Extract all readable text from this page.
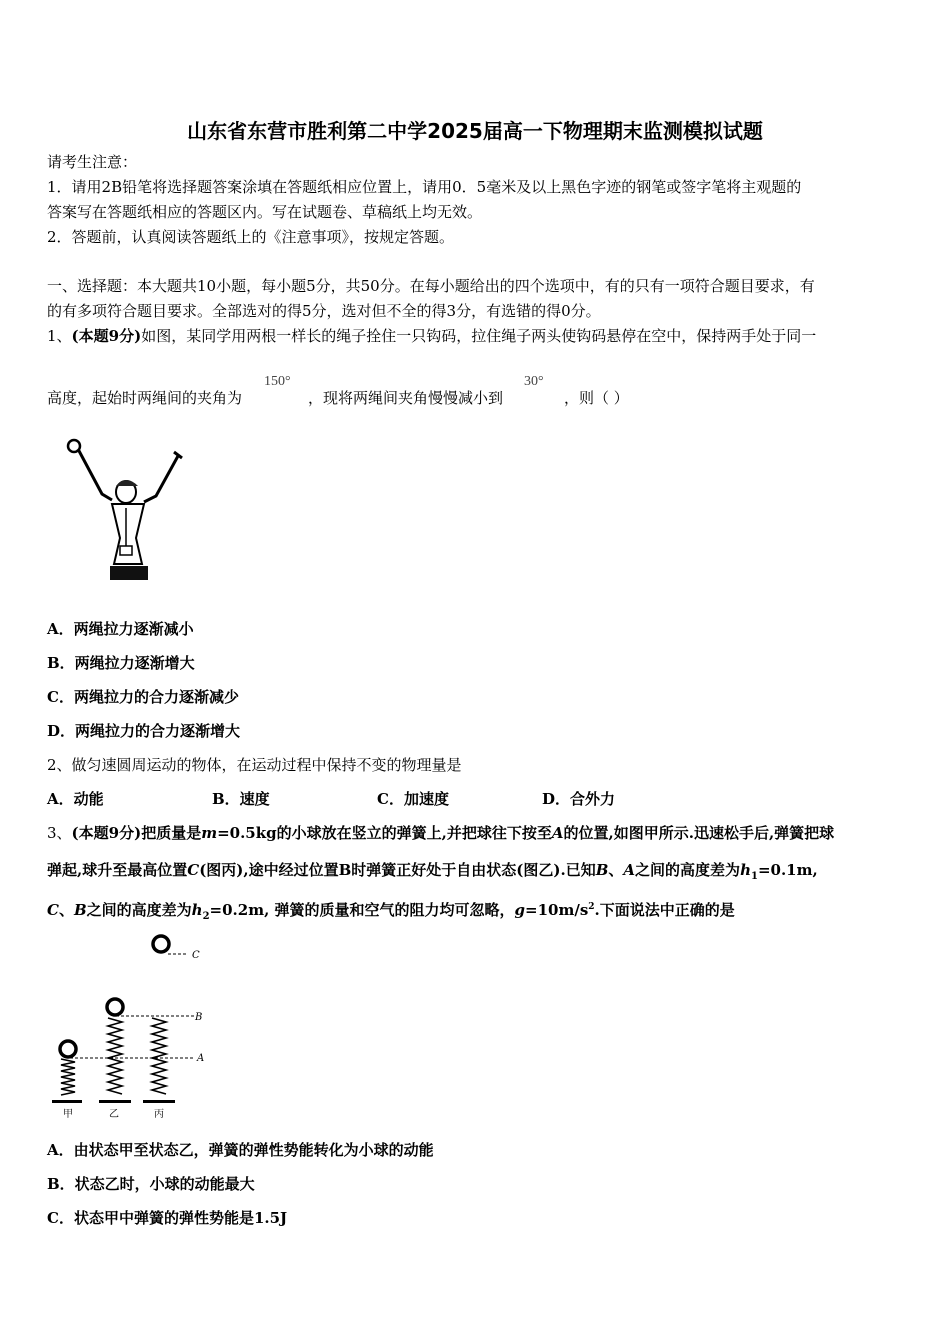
山东省东营市胜利第二中学2025届高一下物理期末监测模拟试题
请考生注意：
1．请用2B铅笔将选择题答案涂填在答题纸相应位置上，请用0．5毫米及以上黑色字迹的钢笔或签字笔将主观题的
答案写在答题纸相应的答题区内。写在试题卷、草稿纸上均无效。
2．答题前，认真阅读答题纸上的《注意事项》，按规定答题。
一、选择题：本大题共10小题，每小题5分，共50分。在每小题给出的四个选项中，有的只有一项符合题目要求，有
的有多项符合题目要求。全部选对的得5分，选对但不全的得3分，有选错的得0分。
1、(本题9分)如图，某同学用两根一样长的绳子拴住一只钩码，拉住绳子两头使钩码悬停在空中，保持两手处于同一
高度，起始时两绳间的夹角为
150°
，现将两绳间夹角慢慢减小到
30°
，则（ ）
A．两绳拉力逐渐减小
B．两绳拉力逐渐增大
C．两绳拉力的合力逐渐减少
D．两绳拉力的合力逐渐增大
2、做匀速圆周运动的物体，在运动过程中保持不变的物理量是
A．动能	B．速度	C．加速度	D．合外力
3、(本题9分)把质量是m=0.5kg的小球放在竖立的弹簧上,并把球往下按至A的位置,如图甲所示.迅速松手后,弹簧把球
弹起,球升至最高位置C(图丙),途中经过位置B时弹簧正好处于自由状态(图乙).已知B、A之间的高度差为$h_1=0.1m$,
C、B之间的高度差为$h_2=0.2m$, 弹簧的质量和空气的阻力均可忽略，$g=10m/s^2$.下面说法中正确的是
C
B
A
甲	乙	丙
A．由状态甲至状态乙，弹簧的弹性势能转化为小球的动能
B．状态乙时，小球的动能最大
C．状态甲中弹簧的弹性势能是1.5J
